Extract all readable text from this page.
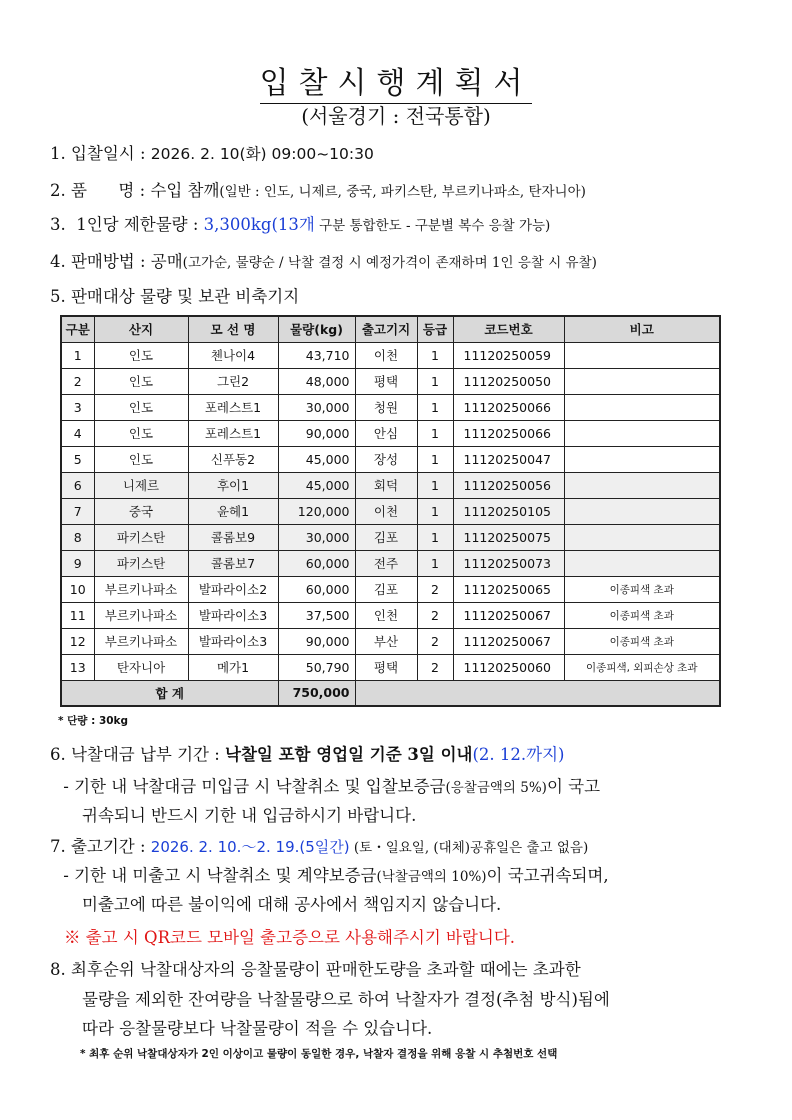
입찰시행계획서
(서울경기 : 전국통합)
1. 입찰일시 : 2026. 2. 10(화) 09:00~10:30
2. 품      명 : 수입 참깨(일반 : 인도, 니제르, 중국, 파키스탄, 부르키나파소, 탄자니아)
3.  1인당 제한물량 : 3,300kg(13개 구분 통합한도 - 구분별 복수 응찰 가능)
4. 판매방법 : 공매(고가순, 물량순 / 낙찰 결정 시 예정가격이 존재하며 1인 응찰 시 유찰)
5. 판매대상 물량 및 보관 비축기지
구분	산지	모 선 명	물량(kg)	출고기지	등급	코드번호	비고
1	인도	첸나이4	43,710	이천	1	11120250059	
2	인도	그린2	48,000	평택	1	11120250050	
3	인도	포레스트1	30,000	청원	1	11120250066	
4	인도	포레스트1	90,000	안심	1	11120250066	
5	인도	신푸동2	45,000	장성	1	11120250047	
6	니제르	후이1	45,000	회덕	1	11120250056	
7	중국	윤헤1	120,000	이천	1	11120250105	
8	파키스탄	콜롬보9	30,000	김포	1	11120250075	
9	파키스탄	콜롬보7	60,000	전주	1	11120250073	
10	부르키나파소	발파라이소2	60,000	김포	2	11120250065	이종피색 초과
11	부르키나파소	발파라이소3	37,500	인천	2	11120250067	이종피색 초과
12	부르키나파소	발파라이소3	90,000	부산	2	11120250067	이종피색 초과
13	탄자니아	메가1	50,790	평택	2	11120250060	이종피색, 외피손상 초과
합 계			750,000				
* 단량 : 30kg
6. 낙찰대금 납부 기간 : 낙찰일 포함 영업일 기준 3일 이내(2. 12.까지)
- 기한 내 낙찰대금 미입금 시 낙찰취소 및 입찰보증금(응찰금액의 5%)이 국고
귀속되니 반드시 기한 내 입금하시기 바랍니다.
7. 출고기간 : 2026. 2. 10.～2. 19.(5일간) (토・일요일, (대체)공휴일은 출고 없음)
- 기한 내 미출고 시 낙찰취소 및 계약보증금(낙찰금액의 10%)이 국고귀속되며,
미출고에 따른 불이익에 대해 공사에서 책임지지 않습니다.
※ 출고 시 QR코드 모바일 출고증으로 사용해주시기 바랍니다.
8. 최후순위 낙찰대상자의 응찰물량이 판매한도량을 초과할 때에는 초과한
물량을 제외한 잔여량을 낙찰물량으로 하여 낙찰자가 결정(추첨 방식)됨에
따라 응찰물량보다 낙찰물량이 적을 수 있습니다.
* 최후 순위 낙찰대상자가 2인 이상이고 물량이 동일한 경우, 낙찰자 결정을 위해 응찰 시 추첨번호 선택
